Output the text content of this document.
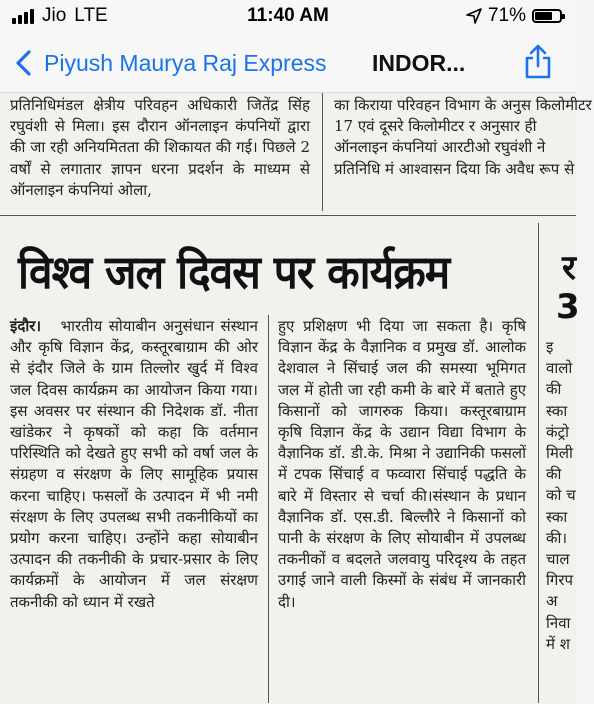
Jio LTE	11:40 AM	71%
Piyush Maurya Raj Express INDOR...

प्रतिनिधिमंडल क्षेत्रीय परिवहन अधिकारी जितेंद्र सिंह रघुवंशी से मिला। इस दौरान ऑनलाइन कंपनियों द्वारा की जा रही अनियमितता की शिकायत की गई। पिछले 2 वर्षों से लगातार ज्ञापन धरना प्रदर्शन के माध्यम से ऑनलाइन कंपनियां ओला,

का किराया परिवहन विभाग के अनुस किलोमीटर 17 एवं दूसरे किलोमीटर र अनुसार ही ऑनलाइन कंपनियां आरटीओ रघुवंशी ने प्रतिनिधि मं आश्वासन दिया कि अवैध रूप से

विश्व जल दिवस पर कार्यक्रम

इंदौर। भारतीय सोयाबीन अनुसंधान संस्थान और कृषि विज्ञान केंद्र, कस्तूरबाग्राम की ओर से इंदौर जिले के ग्राम तिल्लोर खुर्द में विश्व जल दिवस कार्यक्रम का आयोजन किया गया। इस अवसर पर संस्थान की निदेशक डॉ. नीता खांडेकर ने कृषकों को कहा कि वर्तमान परिस्थिति को देखते हुए सभी को वर्षा जल के संग्रहण व संरक्षण के लिए सामूहिक प्रयास करना चाहिए। फसलों के उत्पादन में भी नमी संरक्षण के लिए उपलब्ध सभी तकनीकियों का प्रयोग करना चाहिए। उन्होंने कहा सोयाबीन उत्पादन की तकनीकी के प्रचार-प्रसार के लिए कार्यक्रमों के आयोजन में जल संरक्षण तकनीकी को ध्यान में रखते

हुए प्रशिक्षण भी दिया जा सकता है। कृषि विज्ञान केंद्र के वैज्ञानिक व प्रमुख डॉ. आलोक देशवाल ने सिंचाई जल की समस्या भूमिगत जल में होती जा रही कमी के बारे में बताते हुए किसानों को जागरुक किया। कस्तूरबाग्राम कृषि विज्ञान केंद्र के उद्यान विद्या विभाग के वैज्ञानिक डॉ. डी.के. मिश्रा ने उद्यानिकी फसलों में टपक सिंचाई व फव्वारा सिंचाई पद्धति के बारे में विस्तार से चर्चा की।संस्थान के प्रधान वैज्ञानिक डॉ. एस.डी. बिल्लौरे ने किसानों को पानी के संरक्षण के लिए सोयाबीन में उपलब्ध तकनीकों व बदलते जलवायु परिदृश्य के तहत उगाई जाने वाली किस्मों के संबंध में जानकारी दी।

र
3
इ
वालो
की
स्का
कंट्रो
मिली
की
को च
स्का
की।
चाल
गिरप
अ
निवा
में श
